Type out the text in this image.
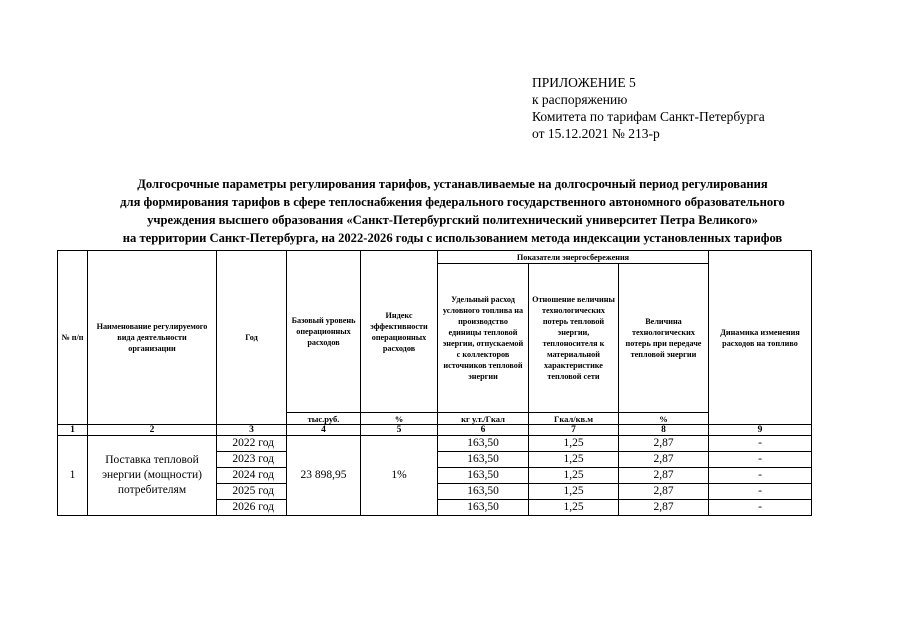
ПРИЛОЖЕНИЕ 5
к распоряжению
Комитета по тарифам Санкт-Петербурга
от 15.12.2021 № 213-р
Долгосрочные параметры регулирования тарифов, устанавливаемые на долгосрочный период регулирования
для формирования тарифов в сфере теплоснабжения федерального государственного автономного образовательного
учреждения высшего образования «Санкт-Петербургский политехнический университет Петра Великого»
на территории Санкт-Петербурга, на 2022-2026 годы с использованием метода индексации установленных тарифов
№ п/п	Наименование регулируемого вида деятельности организации	Год	Базовый уровень операционных расходов	Индекс эффективности операционных расходов	Показатели энергосбережения			Динамика изменения расходов на топливо
					Удельный расход условного топлива на производство единицы тепловой энергии, отпускаемой с коллекторов источников тепловой энергии	Отношение величины технологических потерь тепловой энергии, теплоносителя к материальной характеристике тепловой сети	Величина технологических потерь при передаче тепловой энергии	
			тыс.руб.	%	кг у.т./Гкал	Гкал/кв.м	%	
1	2	3	4	5	6	7	8	9
1	Поставка тепловой энергии (мощности) потребителям	2022 год	23 898,95	1%	163,50	1,25	2,87	-
		2023 год			163,50	1,25	2,87	-
		2024 год			163,50	1,25	2,87	-
		2025 год			163,50	1,25	2,87	-
		2026 год			163,50	1,25	2,87	-
